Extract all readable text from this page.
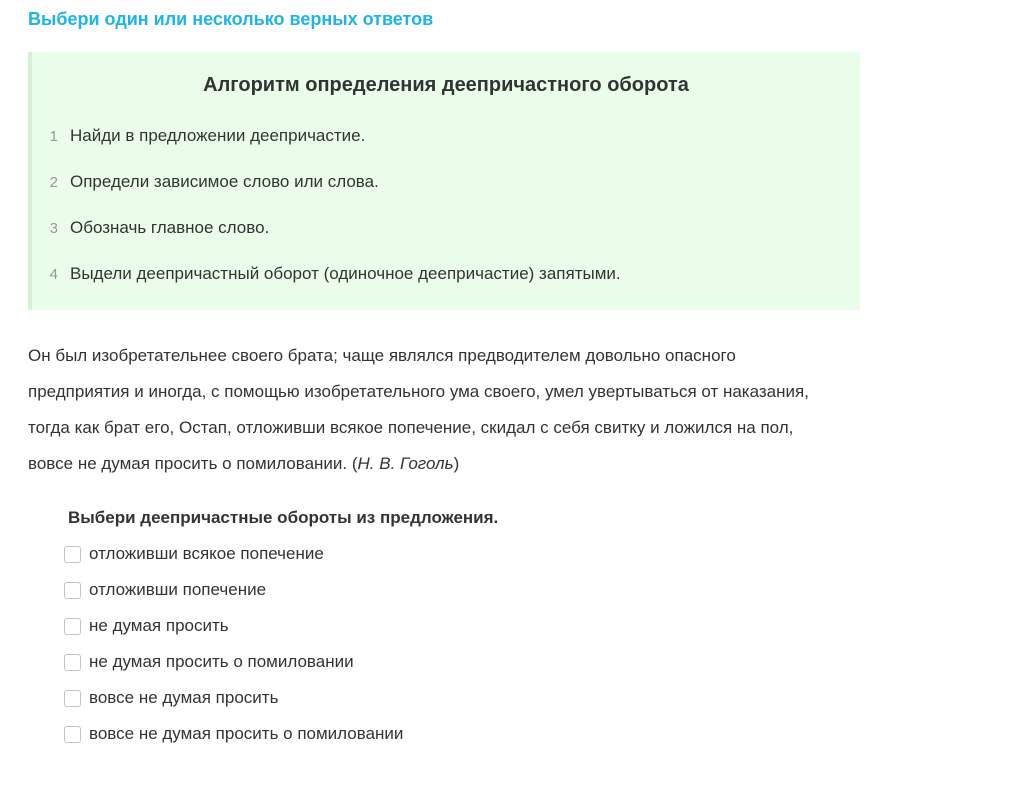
Выбери один или несколько верных ответов
Алгоритм определения деепричастного оборота
1 Найди в предложении деепричастие.
2 Определи зависимое слово или слова.
3 Обозначь главное слово.
4 Выдели деепричастный оборот (одиночное деепричастие) запятыми.

Он был изобретательнее своего брата; чаще являлся предводителем довольно опасного
предприятия и иногда, с помощью изобретательного ума своего, умел увертываться от наказания,
тогда как брат его, Остап, отложивши всякое попечение, скидал с себя свитку и ложился на пол,
вовсе не думая просить о помиловании. (Н. В. Гоголь)

Выбери деепричастные обороты из предложения.

отложивши всякое попечение
отложивши попечение
не думая просить
не думая просить о помиловании
вовсе не думая просить
вовсе не думая просить о помиловании
